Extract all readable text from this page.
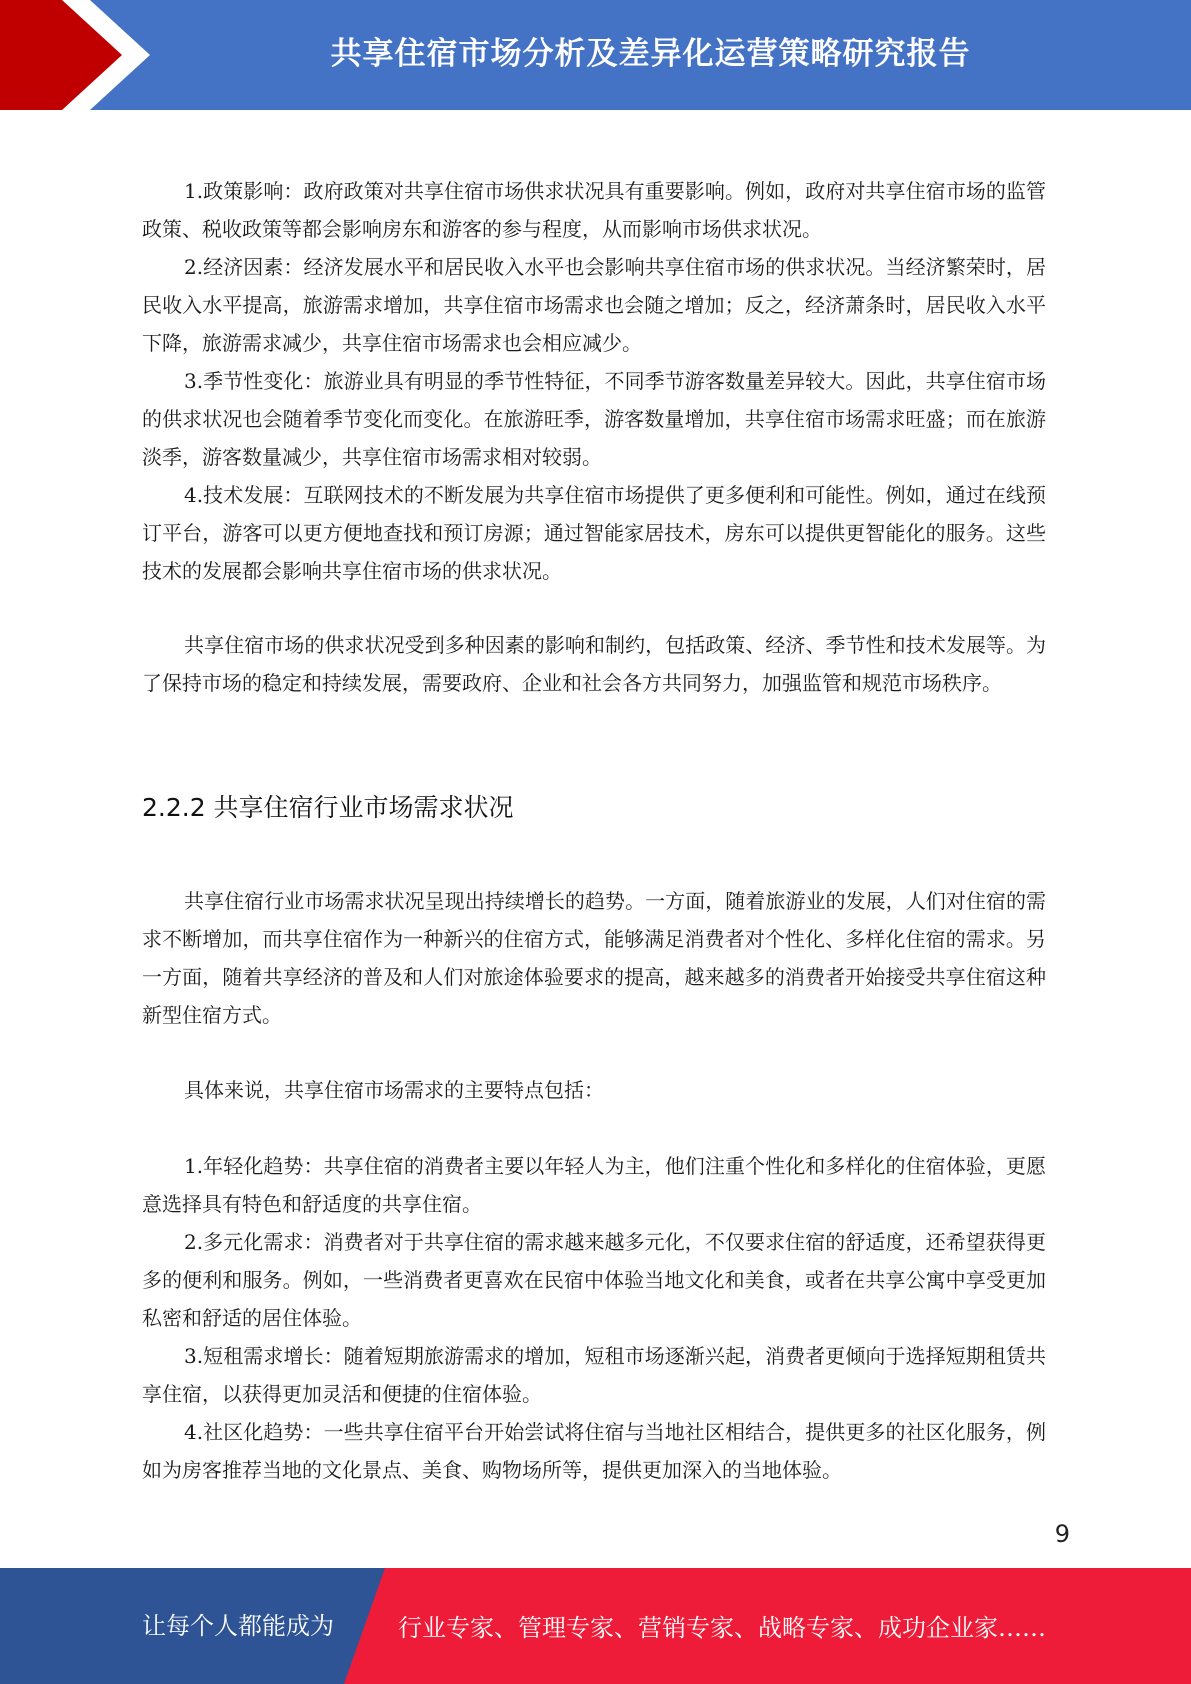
共享住宿市场分析及差异化运营策略研究报告

1.政策影响：政府政策对共享住宿市场供求状况具有重要影响。例如，政府对共享住宿市场的监管政策、税收政策等都会影响房东和游客的参与程度，从而影响市场供求状况。

2.经济因素：经济发展水平和居民收入水平也会影响共享住宿市场的供求状况。当经济繁荣时，居民收入水平提高，旅游需求增加，共享住宿市场需求也会随之增加；反之，经济萧条时，居民收入水平下降，旅游需求减少，共享住宿市场需求也会相应减少。

3.季节性变化：旅游业具有明显的季节性特征，不同季节游客数量差异较大。因此，共享住宿市场的供求状况也会随着季节变化而变化。在旅游旺季，游客数量增加，共享住宿市场需求旺盛；而在旅游淡季，游客数量减少，共享住宿市场需求相对较弱。

4.技术发展：互联网技术的不断发展为共享住宿市场提供了更多便利和可能性。例如，通过在线预订平台，游客可以更方便地查找和预订房源；通过智能家居技术，房东可以提供更智能化的服务。这些技术的发展都会影响共享住宿市场的供求状况。

共享住宿市场的供求状况受到多种因素的影响和制约，包括政策、经济、季节性和技术发展等。为了保持市场的稳定和持续发展，需要政府、企业和社会各方共同努力，加强监管和规范市场秩序。

2.2.2 共享住宿行业市场需求状况

共享住宿行业市场需求状况呈现出持续增长的趋势。一方面，随着旅游业的发展，人们对住宿的需求不断增加，而共享住宿作为一种新兴的住宿方式，能够满足消费者对个性化、多样化住宿的需求。另一方面，随着共享经济的普及和人们对旅途体验要求的提高，越来越多的消费者开始接受共享住宿这种新型住宿方式。

具体来说，共享住宿市场需求的主要特点包括：

1.年轻化趋势：共享住宿的消费者主要以年轻人为主，他们注重个性化和多样化的住宿体验，更愿意选择具有特色和舒适度的共享住宿。

2.多元化需求：消费者对于共享住宿的需求越来越多元化，不仅要求住宿的舒适度，还希望获得更多的便利和服务。例如，一些消费者更喜欢在民宿中体验当地文化和美食，或者在共享公寓中享受更加私密和舒适的居住体验。

3.短租需求增长：随着短期旅游需求的增加，短租市场逐渐兴起，消费者更倾向于选择短期租赁共享住宿，以获得更加灵活和便捷的住宿体验。

4.社区化趋势：一些共享住宿平台开始尝试将住宿与当地社区相结合，提供更多的社区化服务，例如为房客推荐当地的文化景点、美食、购物场所等，提供更加深入的当地体验。

9
让每个人都能成为	行业专家、管理专家、营销专家、战略专家、成功企业家……
